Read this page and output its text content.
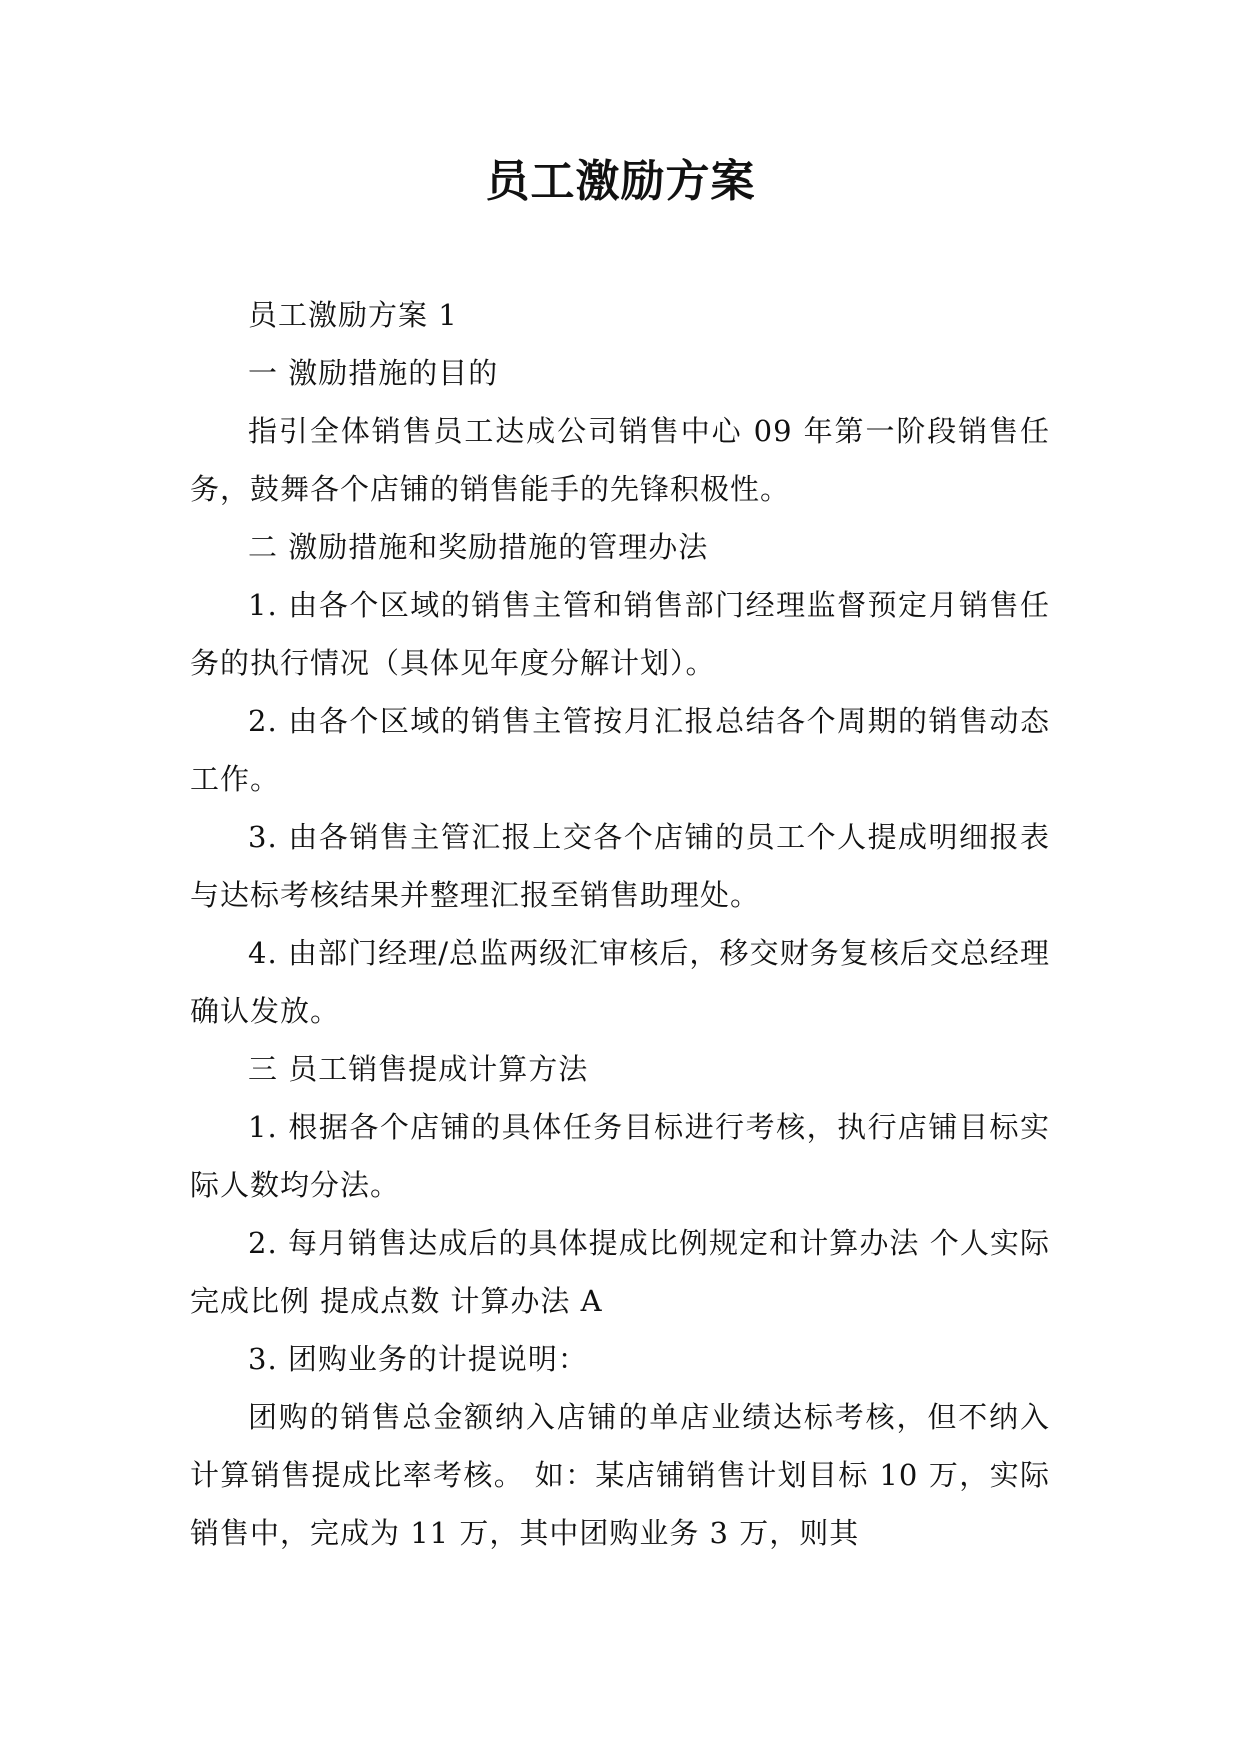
员工激励方案

员工激励方案 1

一 激励措施的目的

指引全体销售员工达成公司销售中心 09 年第一阶段销售任务，鼓舞各个店铺的销售能手的先锋积极性。

二 激励措施和奖励措施的管理办法

1. 由各个区域的销售主管和销售部门经理监督预定月销售任务的执行情况（具体见年度分解计划）。

2. 由各个区域的销售主管按月汇报总结各个周期的销售动态工作。

3. 由各销售主管汇报上交各个店铺的员工个人提成明细报表与达标考核结果并整理汇报至销售助理处。

4. 由部门经理/总监两级汇审核后，移交财务复核后交总经理确认发放。

三 员工销售提成计算方法

1. 根据各个店铺的具体任务目标进行考核，执行店铺目标实际人数均分法。

2. 每月销售达成后的具体提成比例规定和计算办法 个人实际完成比例 提成点数 计算办法 A

3. 团购业务的计提说明：

团购的销售总金额纳入店铺的单店业绩达标考核，但不纳入计算销售提成比率考核。 如：某店铺销售计划目标 10 万，实际销售中，完成为 11 万，其中团购业务 3 万，则其
